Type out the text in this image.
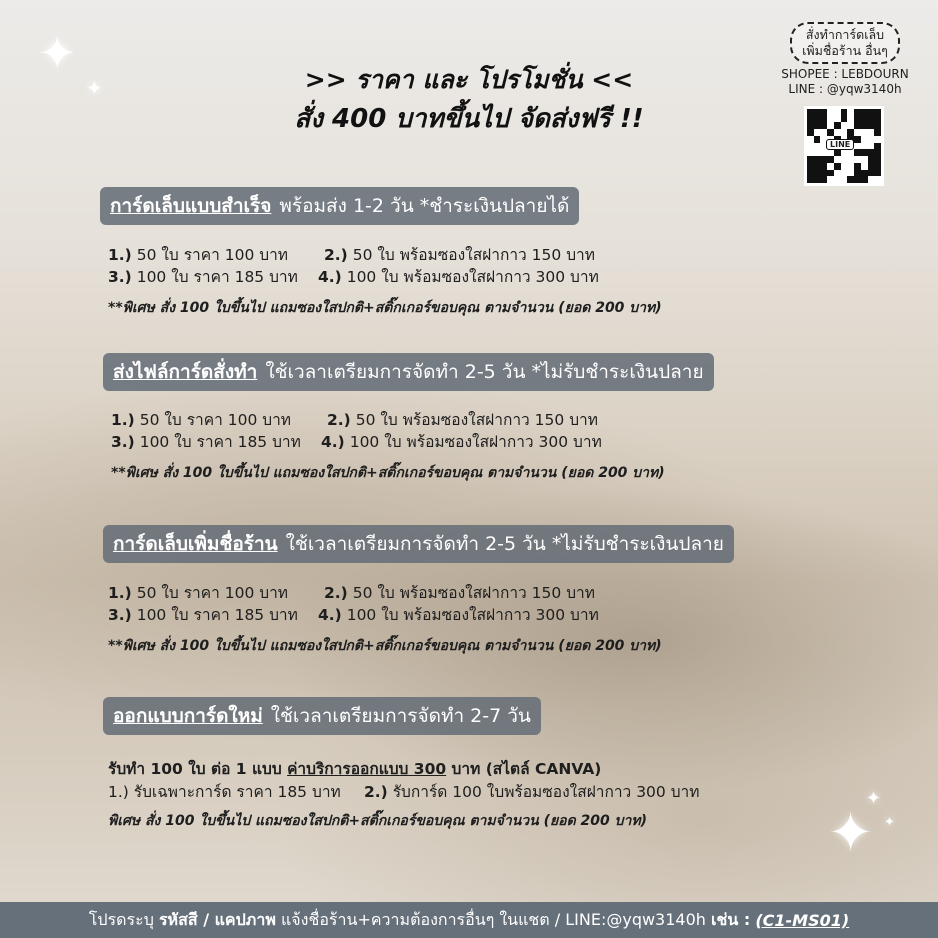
✦
✦
✦
✦
✦
>> ราคา และ โปรโมชั่น <<
สั่ง 400 บาทขึ้นไป จัดส่งฟรี !!
สั่งทำการ์ดเล็บ
เพิ่มชื่อร้าน อื่นๆ
SHOPEE : LEBDOURN
LINE : @yqw3140h
LINE
การ์ดเล็บแบบสำเร็จ พร้อมส่ง 1-2 วัน *ชำระเงินปลายได้
1.) 50 ใบ ราคา 100 บาท 2.) 50 ใบ พร้อมซองใสฝากาว 150 บาท
3.) 100 ใบ ราคา 185 บาท 4.) 100 ใบ พร้อมซองใสฝากาว 300 บาท
**พิเศษ สั่ง 100 ใบขึ้นไป แถมซองใสปกติ+สติ๊กเกอร์ขอบคุณ ตามจำนวน (ยอด 200 บาท)
ส่งไฟล์การ์ดสั่งทำ ใช้เวลาเตรียมการจัดทำ 2-5 วัน *ไม่รับชำระเงินปลาย
1.) 50 ใบ ราคา 100 บาท 2.) 50 ใบ พร้อมซองใสฝากาว 150 บาท
3.) 100 ใบ ราคา 185 บาท 4.) 100 ใบ พร้อมซองใสฝากาว 300 บาท
**พิเศษ สั่ง 100 ใบขึ้นไป แถมซองใสปกติ+สติ๊กเกอร์ขอบคุณ ตามจำนวน (ยอด 200 บาท)
การ์ดเล็บเพิ่มชื่อร้าน ใช้เวลาเตรียมการจัดทำ 2-5 วัน *ไม่รับชำระเงินปลาย
1.) 50 ใบ ราคา 100 บาท 2.) 50 ใบ พร้อมซองใสฝากาว 150 บาท
3.) 100 ใบ ราคา 185 บาท 4.) 100 ใบ พร้อมซองใสฝากาว 300 บาท
**พิเศษ สั่ง 100 ใบขึ้นไป แถมซองใสปกติ+สติ๊กเกอร์ขอบคุณ ตามจำนวน (ยอด 200 บาท)
ออกแบบการ์ดใหม่ ใช้เวลาเตรียมการจัดทำ 2-7 วัน
รับทำ 100 ใบ ต่อ 1 แบบ ค่าบริการออกแบบ 300 บาท (สไตล์ CANVA)
1.) รับเฉพาะการ์ด ราคา 185 บาท 2.) รับการ์ด 100 ใบพร้อมซองใสฝากาว 300 บาท
พิเศษ สั่ง 100 ใบขึ้นไป แถมซองใสปกติ+สติ๊กเกอร์ขอบคุณ ตามจำนวน (ยอด 200 บาท)
โปรดระบุ
รหัสสี / แคปภาพ
แจ้งชื่อร้าน+ความต้องการอื่นๆ ในแชต / LINE:@yqw3140h
เช่น :
(C1-MS01)
